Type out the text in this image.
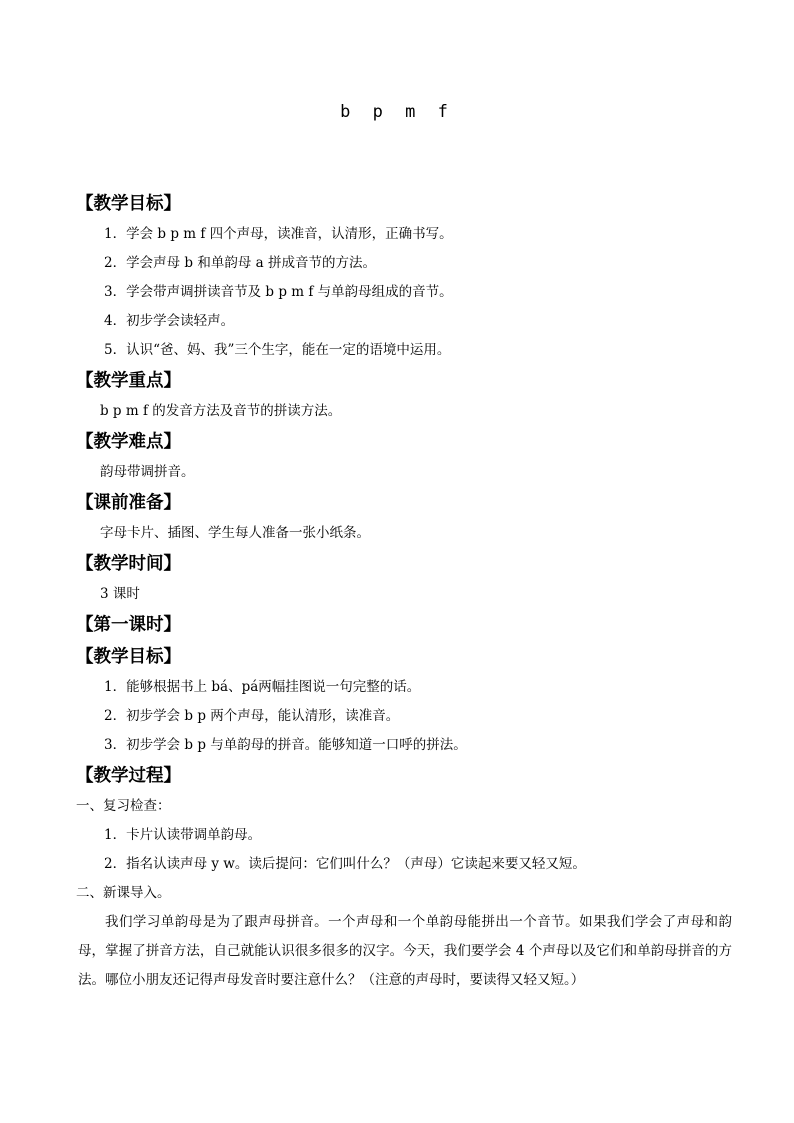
b p m f
【教学目标】
1．学会 b p m f 四个声母，读准音，认清形，正确书写。
2．学会声母 b 和单韵母 a 拼成音节的方法。
3．学会带声调拼读音节及 b p m f 与单韵母组成的音节。
4．初步学会读轻声。
5．认识“爸、妈、我”三个生字，能在一定的语境中运用。
【教学重点】
b p m f 的发音方法及音节的拼读方法。
【教学难点】
韵母带调拼音。
【课前准备】
字母卡片、插图、学生每人准备一张小纸条。
【教学时间】
3 课时
【第一课时】
【教学目标】
1．能够根据书上 bá、pá两幅挂图说一句完整的话。
2．初步学会 b p 两个声母，能认清形，读准音。
3．初步学会 b p 与单韵母的拼音。能够知道一口呼的拼法。
【教学过程】
一、复习检查：
1．卡片认读带调单韵母。
2．指名认读声母 y w。读后提问：它们叫什么？（声母）它读起来要又轻又短。
二、新课导入。
我们学习单韵母是为了跟声母拼音。一个声母和一个单韵母能拼出一个音节。如果我们学会了声母和韵母，掌握了拼音方法，自己就能认识很多很多的汉字。今天，我们要学会 4 个声母以及它们和单韵母拼音的方法。哪位小朋友还记得声母发音时要注意什么？（注意的声母时，要读得又轻又短。）
